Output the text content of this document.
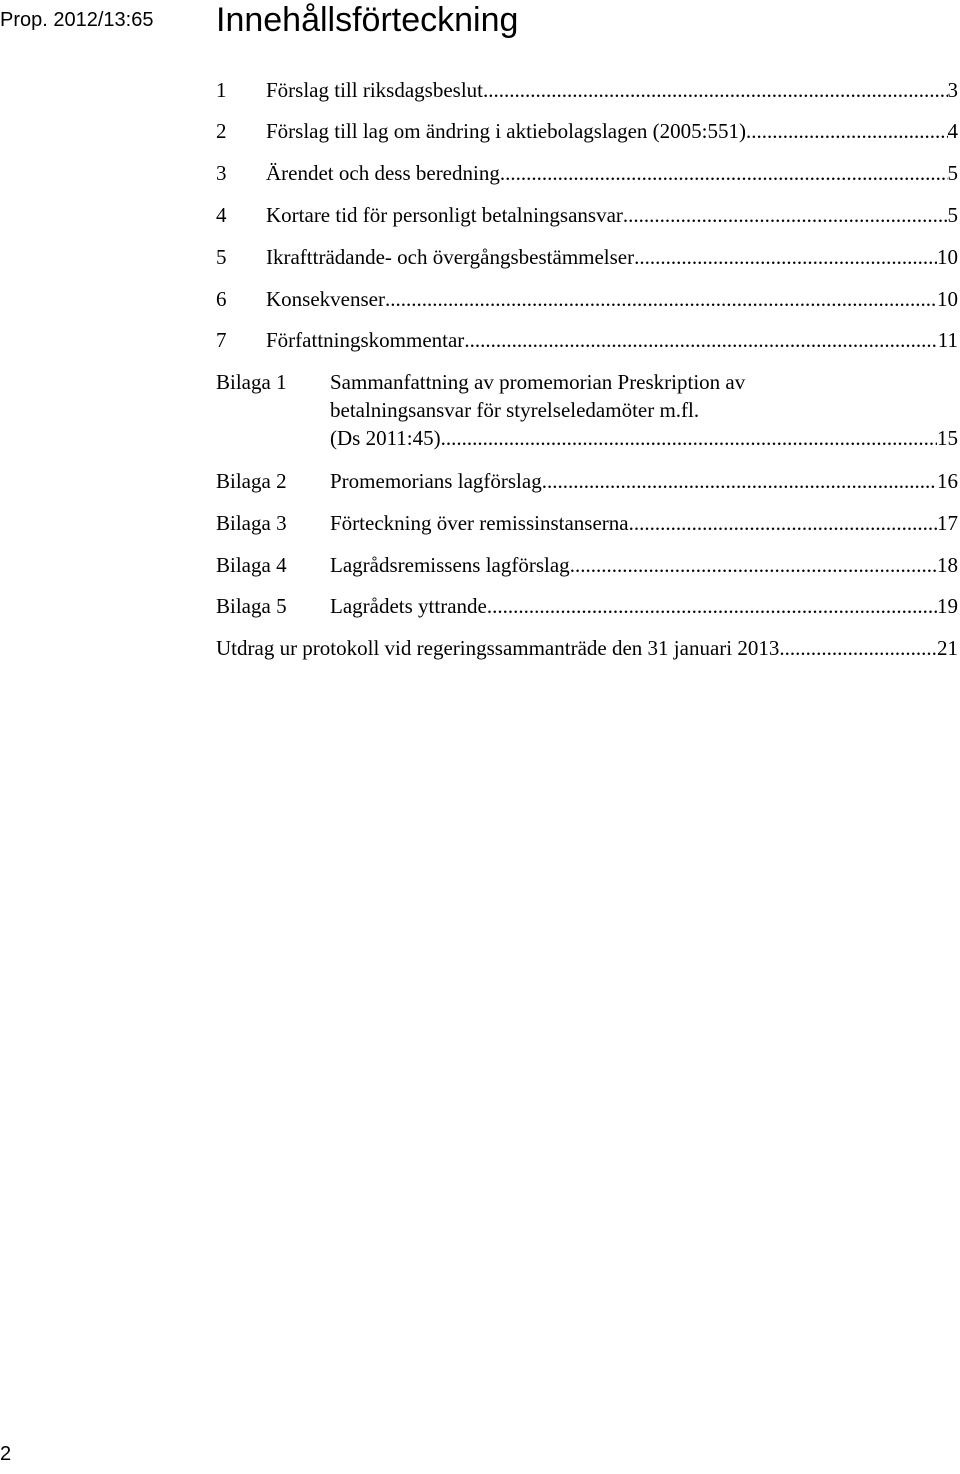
Prop. 2012/13:65 Innehållsförteckning
1	Förslag till riksdagsbeslut .....	3
2	Förslag till lag om ändring i aktiebolagslagen (2005:551) .....	4
3	Ärendet och dess beredning .....	5
4	Kortare tid för personligt betalningsansvar .....	5
5	Ikraftträdande- och övergångsbestämmelser .....	10
6	Konsekvenser .....	10
7	Författningskommentar .....	11
Bilaga 1	Sammanfattning av promemorian Preskription av
betalningsansvar för styrelseledamöter m.fl.
(Ds 2011:45) .....	15
Bilaga 2	Promemorians lagförslag .....	16
Bilaga 3	Förteckning över remissinstanserna .....	17
Bilaga 4	Lagrådsremissens lagförslag .....	18
Bilaga 5	Lagrådets yttrande .....	19
Utdrag ur protokoll vid regeringssammanträde den 31 januari 2013 .....	21
2
